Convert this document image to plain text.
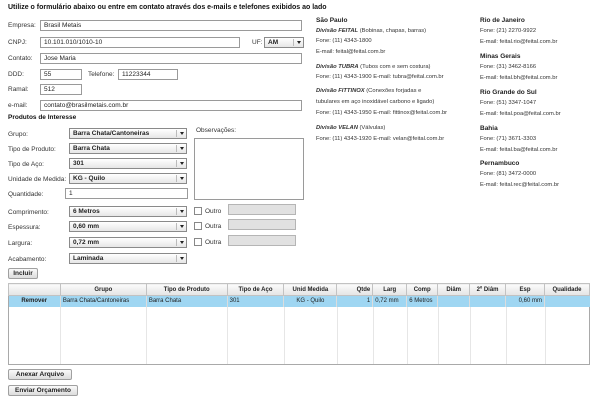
Utilize o formulário abaixo ou entre em contato através dos e-mails e telefones exibidos ao lado
Empresa:	Brasil Metais
CNPJ:	10.101.010/1010-10	UF: AM
Contato:	Jose Maria
DDD:	55	Telefone:	11223344
Ramal:	512
e-mail:	contato@brasilmetais.com.br
Produtos de Interesse
Grupo:	Barra Chata/Cantoneiras
Tipo de Produto:	Barra Chata
Tipo de Aço:	301
Unidade de Medida:	KG - Quilo
Quantidade:	1
Comprimento:	6 Metros	Outro
Espessura:	0,60 mm	Outra
Largura:	0,72 mm	Outra
Acabamento:	Laminada
Observações:
Incluir
	Grupo	Tipo de Produto	Tipo de Aço	Unid Medida	Qtde	Larg	Comp	Diâm	2º Diâm	Esp	Qualidade
Remover	Barra Chata/Cantoneiras	Barra Chata	301	KG - Quilo	1	0,72 mm	6 Metros			0,60 mm	
Anexar Arquivo
Enviar Orçamento
São Paulo
Divisão FEITAL (Bobinas, chapas, barras)
Fone: (11) 4343-1800
E-mail: feital@feital.com.br
Divisão TUBRA (Tubos com e sem costura)
Fone: (11) 4343-1900 E-mail: tubra@feital.com.br
Divisão FITTINOX (Conexões forjadas e
tubulares em aço inoxidável carbono e ligado)
Fone: (11) 4343-1950 E-mail: fittinox@feital.com.br
Divisão VELAN (Válvulas)
Fone: (11) 4343-1920 E-mail: velan@feital.com.br
Rio de Janeiro
Fone: (21) 2270-9922
E-mail: feital.rio@feital.com.br
Minas Gerais
Fone: (31) 3462-8166
E-mail: feital.bh@feital.com.br
Rio Grande do Sul
Fone: (51) 3347-1047
E-mail: feital.poa@feital.com.br
Bahia
Fone: (71) 3671-3303
E-mail: feital.ba@feital.com.br
Pernambuco
Fone: (81) 3472-0000
E-mail: feital.rec@feital.com.br
